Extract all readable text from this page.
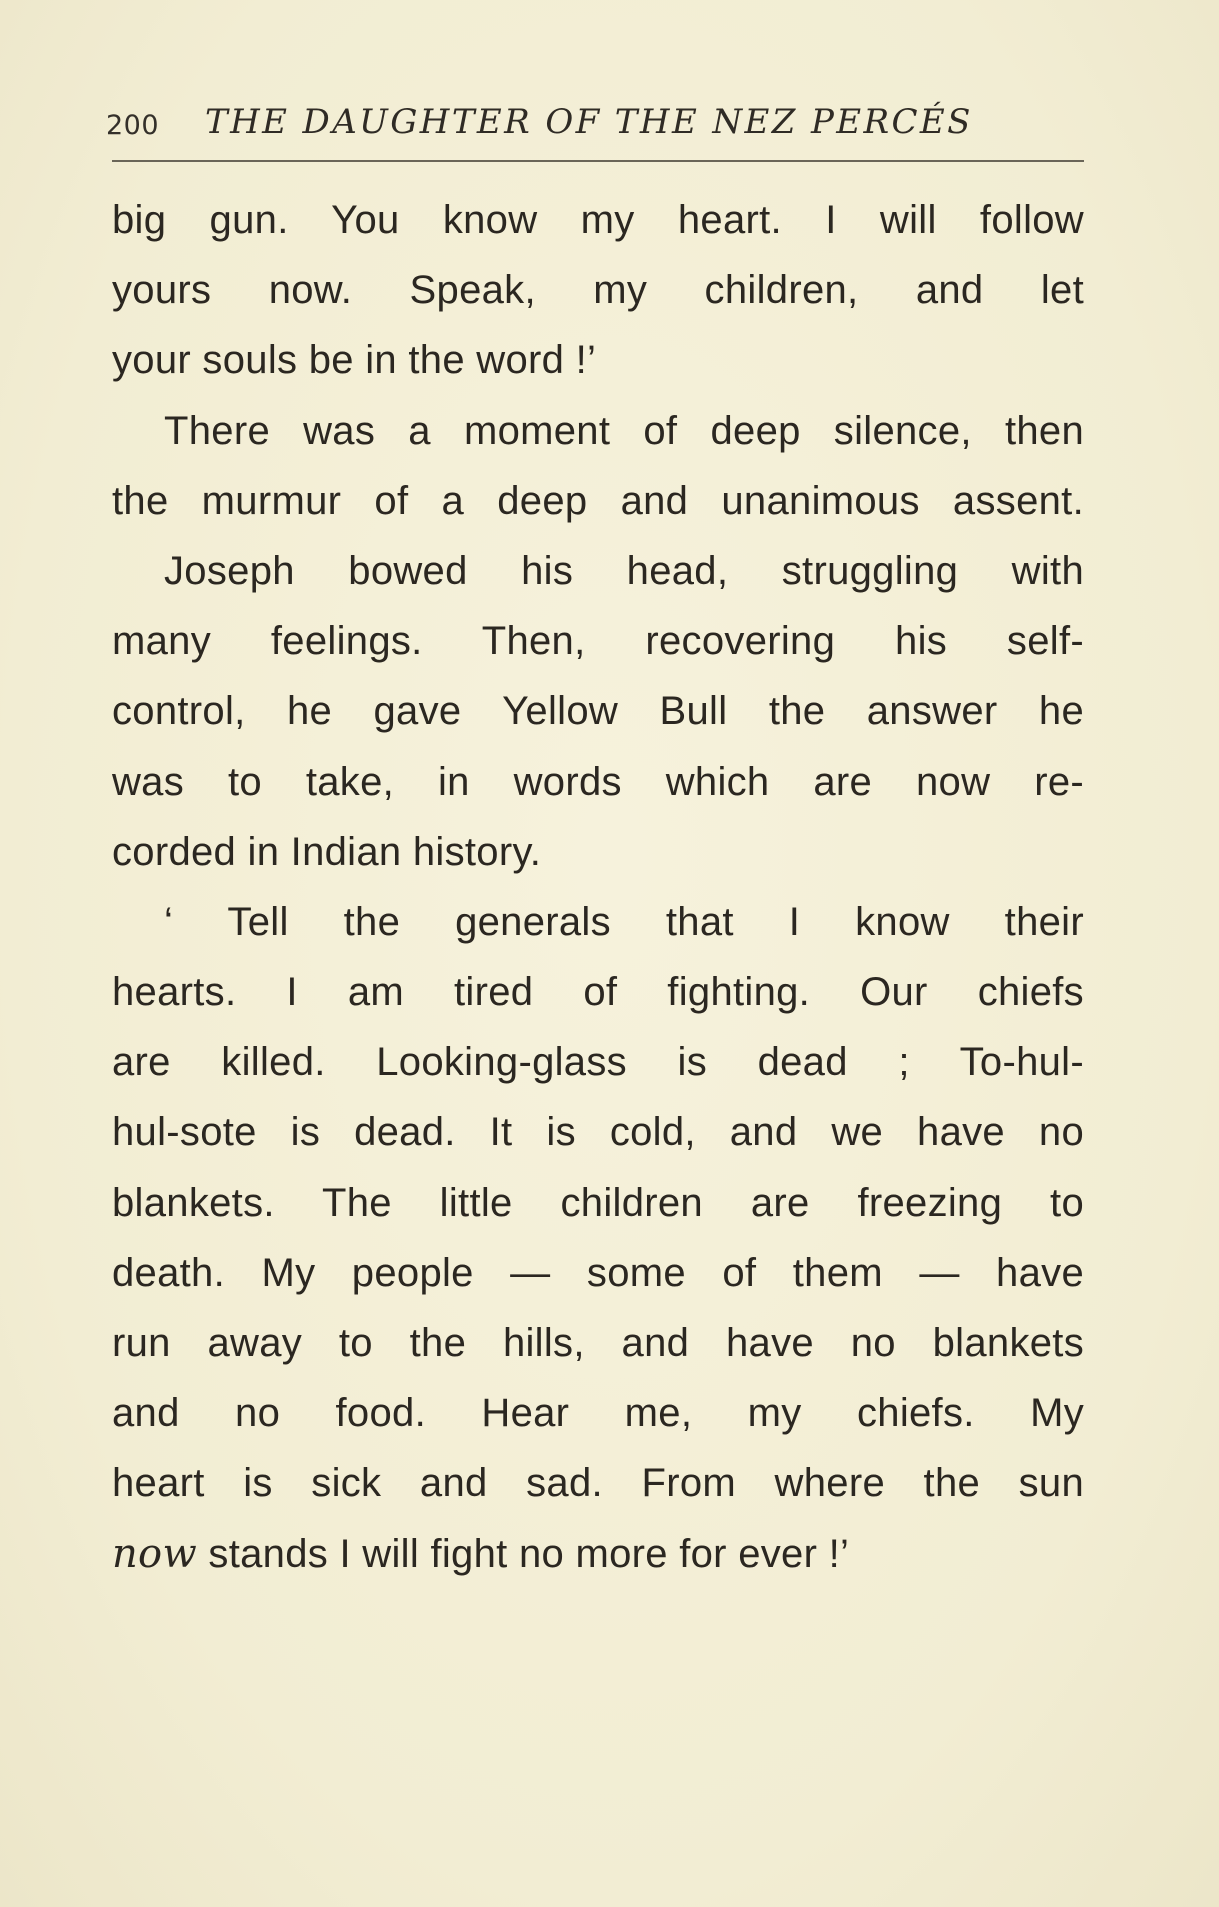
200 THE DAUGHTER OF THE NEZ PERCÉS
big gun. You know my heart. I will follow
yours now. Speak, my children, and let
your souls be in the word !’
There was a moment of deep silence, then
the murmur of a deep and unanimous assent.
Joseph bowed his head, struggling with
many feelings. Then, recovering his self-
control, he gave Yellow Bull the answer he
was to take, in words which are now re-
corded in Indian history.
‘ Tell the generals that I know their
hearts. I am tired of fighting. Our chiefs
are killed. Looking-glass is dead ; To-hul-
hul-sote is dead. It is cold, and we have no
blankets. The little children are freezing to
death. My people — some of them — have
run away to the hills, and have no blankets
and no food. Hear me, my chiefs. My
heart is sick and sad. From where the sun
now stands I will fight no more for ever !’
